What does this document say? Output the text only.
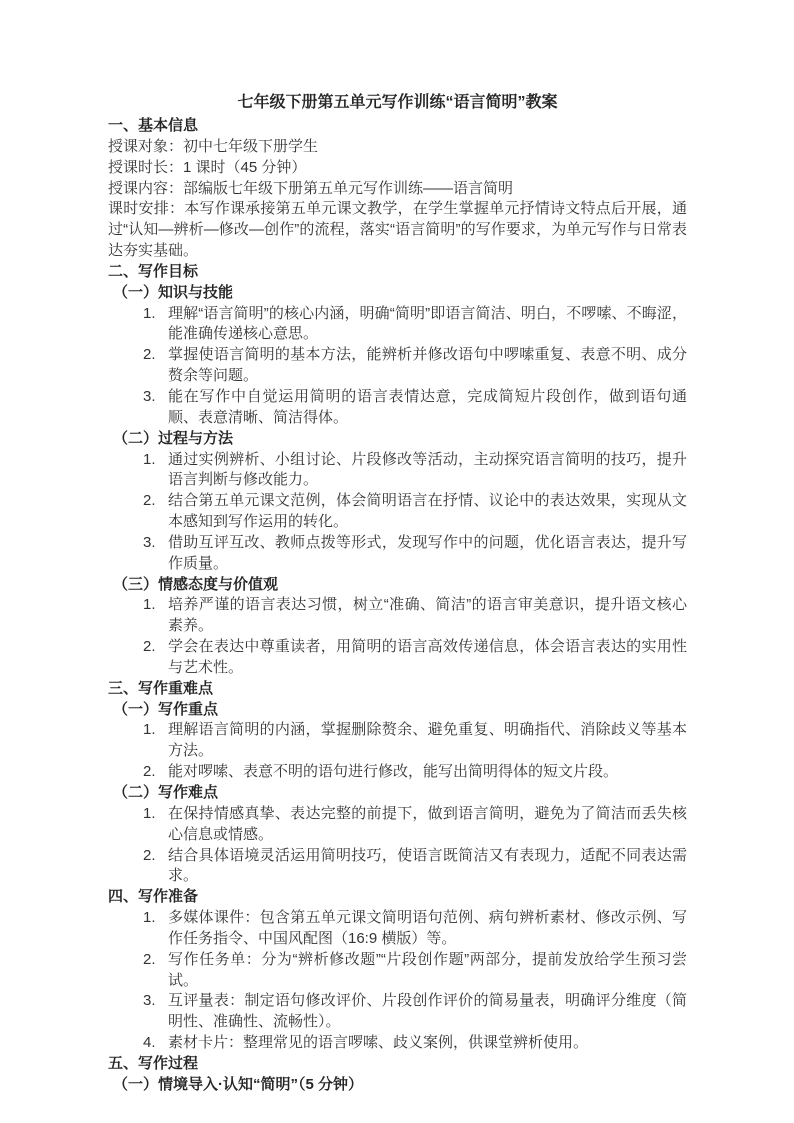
七年级下册第五单元写作训练“语言简明”教案
一、基本信息

授课对象：初中七年级下册学生

授课时长：1 课时（45 分钟）

授课内容：部编版七年级下册第五单元写作训练——语言简明

课时安排：本写作课承接第五单元课文教学，在学生掌握单元抒情诗文特点后开展，通过“认知—辨析—修改—创作”的流程，落实“语言简明”的写作要求，为单元写作与日常表达夯实基础。

二、写作目标
（一）知识与技能
1. 理解“语言简明”的核心内涵，明确“简明”即语言简洁、明白，不啰嗦、不晦涩，能准确传递核心意思。
2. 掌握使语言简明的基本方法，能辨析并修改语句中啰嗦重复、表意不明、成分赘余等问题。
3. 能在写作中自觉运用简明的语言表情达意，完成简短片段创作，做到语句通顺、表意清晰、简洁得体。
（二）过程与方法
1. 通过实例辨析、小组讨论、片段修改等活动，主动探究语言简明的技巧，提升语言判断与修改能力。
2. 结合第五单元课文范例，体会简明语言在抒情、议论中的表达效果，实现从文本感知到写作运用的转化。
3. 借助互评互改、教师点拨等形式，发现写作中的问题，优化语言表达，提升写作质量。
（三）情感态度与价值观
1. 培养严谨的语言表达习惯，树立“准确、简洁”的语言审美意识，提升语文核心素养。
2. 学会在表达中尊重读者，用简明的语言高效传递信息，体会语言表达的实用性与艺术性。
三、写作重难点
（一）写作重点
1. 理解语言简明的内涵，掌握删除赘余、避免重复、明确指代、消除歧义等基本方法。
2. 能对啰嗦、表意不明的语句进行修改，能写出简明得体的短文片段。
（二）写作难点
1. 在保持情感真挚、表达完整的前提下，做到语言简明，避免为了简洁而丢失核心信息或情感。
2. 结合具体语境灵活运用简明技巧，使语言既简洁又有表现力，适配不同表达需求。
四、写作准备
1. 多媒体课件：包含第五单元课文简明语句范例、病句辨析素材、修改示例、写作任务指令、中国风配图（16:9 横版）等。
2. 写作任务单：分为“辨析修改题”“片段创作题”两部分，提前发放给学生预习尝试。
3. 互评量表：制定语句修改评价、片段创作评价的简易量表，明确评分维度（简明性、准确性、流畅性）。
4. 素材卡片：整理常见的语言啰嗦、歧义案例，供课堂辨析使用。
五、写作过程
（一）情境导入·认知“简明”（5 分钟）
